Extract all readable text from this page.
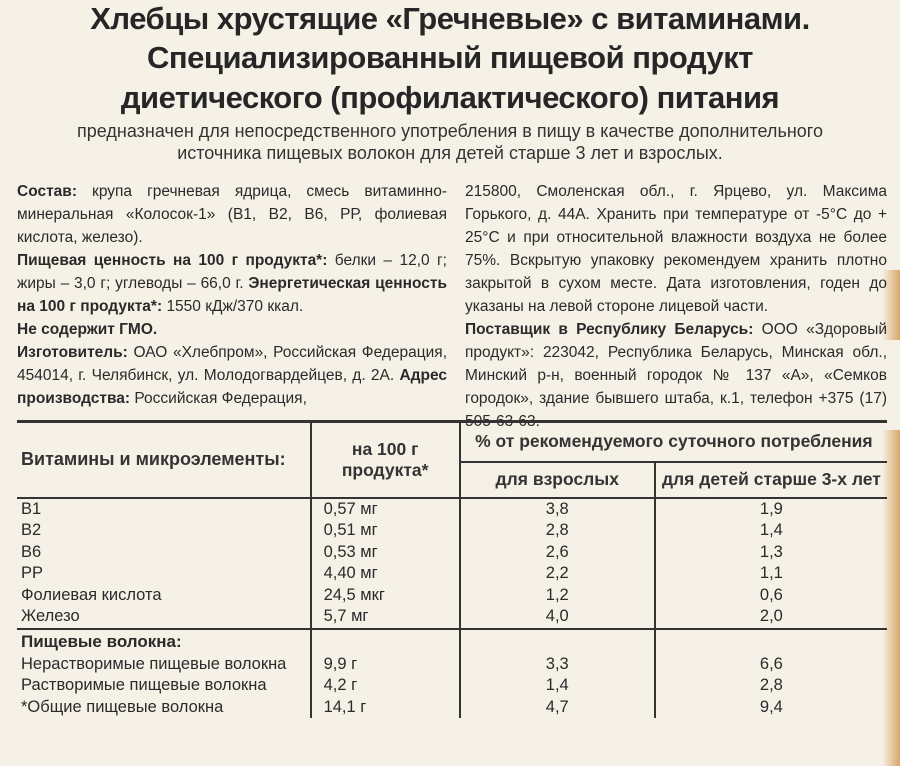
Хлебцы хрустящие «Гречневые» с витаминами.

Специализированный пищевой продукт

диетического (профилактического) питания

предназначен для непосредственного употребления в пищу в качестве дополнительного

источника пищевых волокон для детей старше 3 лет и взрослых.

Состав: крупа гречневая ядрица, смесь витаминно-минеральная «Колосок-1» (В1, В2, В6, РР, фолиевая кислота, железо).

Пищевая ценность на 100 г продукта*: белки – 12,0 г; жиры – 3,0 г; углеводы – 66,0 г. Энергетическая ценность на 100 г продукта*: 1550 кДж/370 ккал.

Не содержит ГМО.

Изготовитель: ОАО «Хлебпром», Российская Федерация, 454014, г. Челябинск, ул. Молодогвардейцев, д. 2А. Адрес производства: Российская Федерация,

215800, Смоленская обл., г. Ярцево, ул. Максима Горького, д. 44А. Хранить при температуре от -5°С до + 25°С и при относительной влажности воздуха не более 75%. Вскрытую упаковку рекомендуем хранить плотно закрытой в сухом месте. Дата изготовления, годен до указаны на левой стороне лицевой части.

Поставщик в Республику Беларусь: ООО «Здоровый продукт»: 223042, Республика Беларусь, Минская обл., Минский р-н, военный городок № 137 «А», «Семков городок», здание бывшего штаба, к.1, телефон +375 (17) 505-63-63.

Витамины и микроэлементы:	на 100 г продукта*	% от рекомендуемого суточного потребления	
		для взрослых	для детей старше 3-х лет
В1	0,57 мг	3,8	1,9
В2	0,51 мг	2,8	1,4
В6	0,53 мг	2,6	1,3
РР	4,40 мг	2,2	1,1
Фолиевая кислота	24,5 мкг	1,2	0,6
Железо	5,7 мг	4,0	2,0
Пищевые волокна:			
Нерастворимые пищевые волокна	9,9 г	3,3	6,6
Растворимые пищевые волокна	4,2 г	1,4	2,8
*Общие пищевые волокна	14,1 г	4,7	9,4
